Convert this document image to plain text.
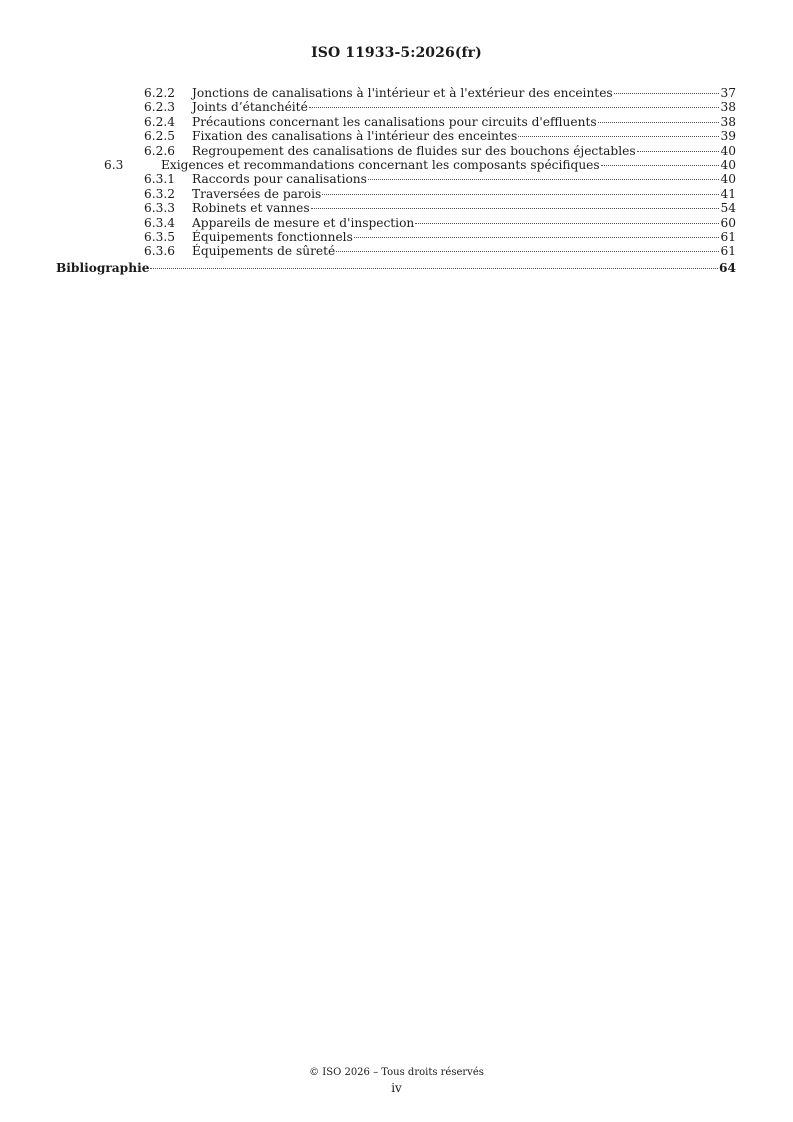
ISO 11933-5:2026(fr)
6.2.2 Jonctions de canalisations à l'intérieur et à l'extérieur des enceintes	37
6.2.3 Joints d’étanchéité	38
6.2.4 Précautions concernant les canalisations pour circuits d'effluents	38
6.2.5 Fixation des canalisations à l'intérieur des enceintes	39
6.2.6 Regroupement des canalisations de fluides sur des bouchons éjectables	40
6.3	Exigences et recommandations concernant les composants spécifiques	40
6.3.1 Raccords pour canalisations	40
6.3.2 Traversées de parois	41
6.3.3 Robinets et vannes	54
6.3.4 Appareils de mesure et d'inspection	60
6.3.5 Équipements fonctionnels	61
6.3.6 Équipements de sûreté	61
Bibliographie	64
© ISO 2026 – Tous droits réservés
iv
